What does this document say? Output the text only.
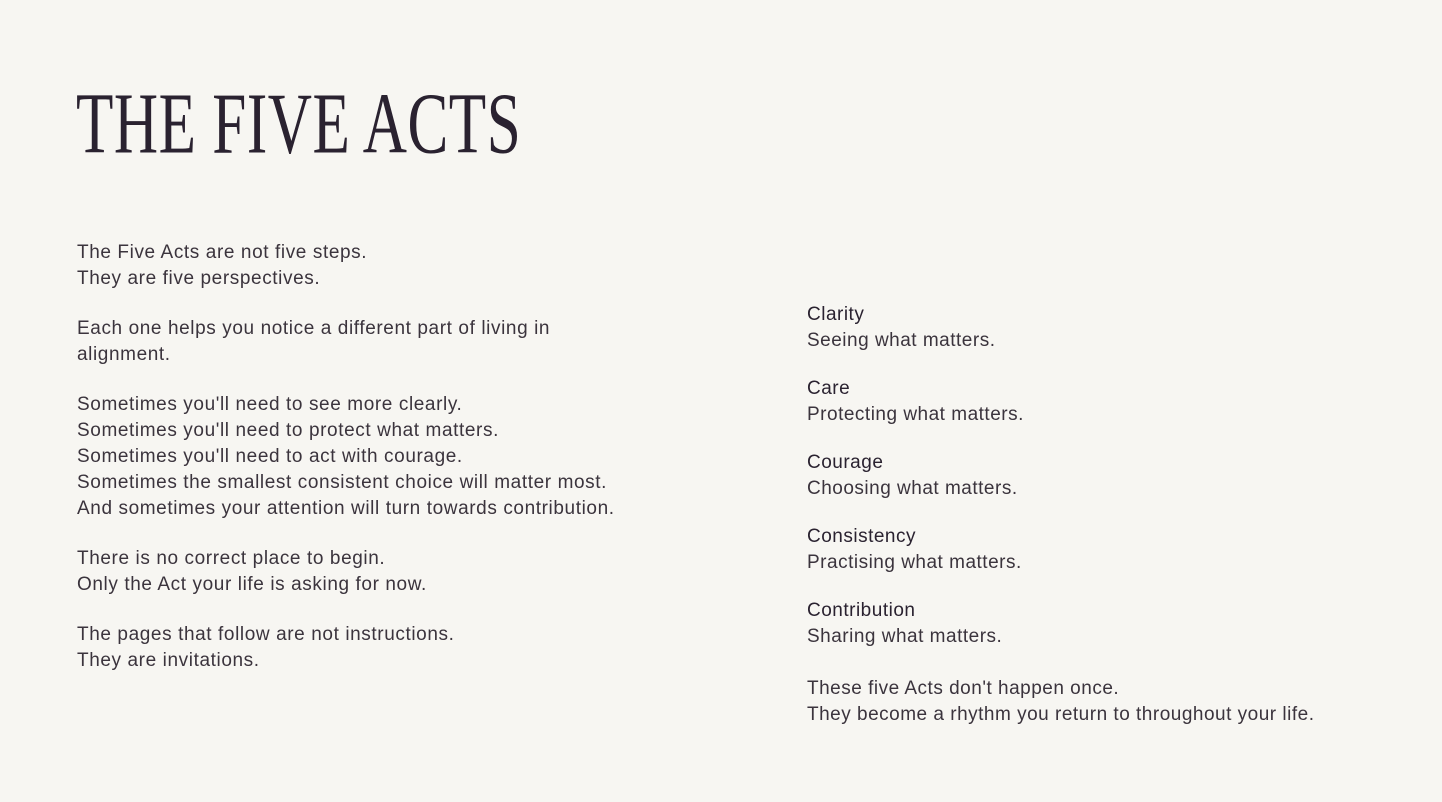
THE FIVE ACTS

The Five Acts are not five steps.
They are five perspectives.

Each one helps you notice a different part of living in alignment.

Sometimes you'll need to see more clearly.
Sometimes you'll need to protect what matters.
Sometimes you'll need to act with courage.
Sometimes the smallest consistent choice will matter most.
And sometimes your attention will turn towards contribution.

There is no correct place to begin.
Only the Act your life is asking for now.

The pages that follow are not instructions.
They are invitations.

Clarity
Seeing what matters.
Care
Protecting what matters.
Courage
Choosing what matters.
Consistency
Practising what matters.
Contribution
Sharing what matters.
These five Acts don't happen once.
They become a rhythm you return to throughout your life.
